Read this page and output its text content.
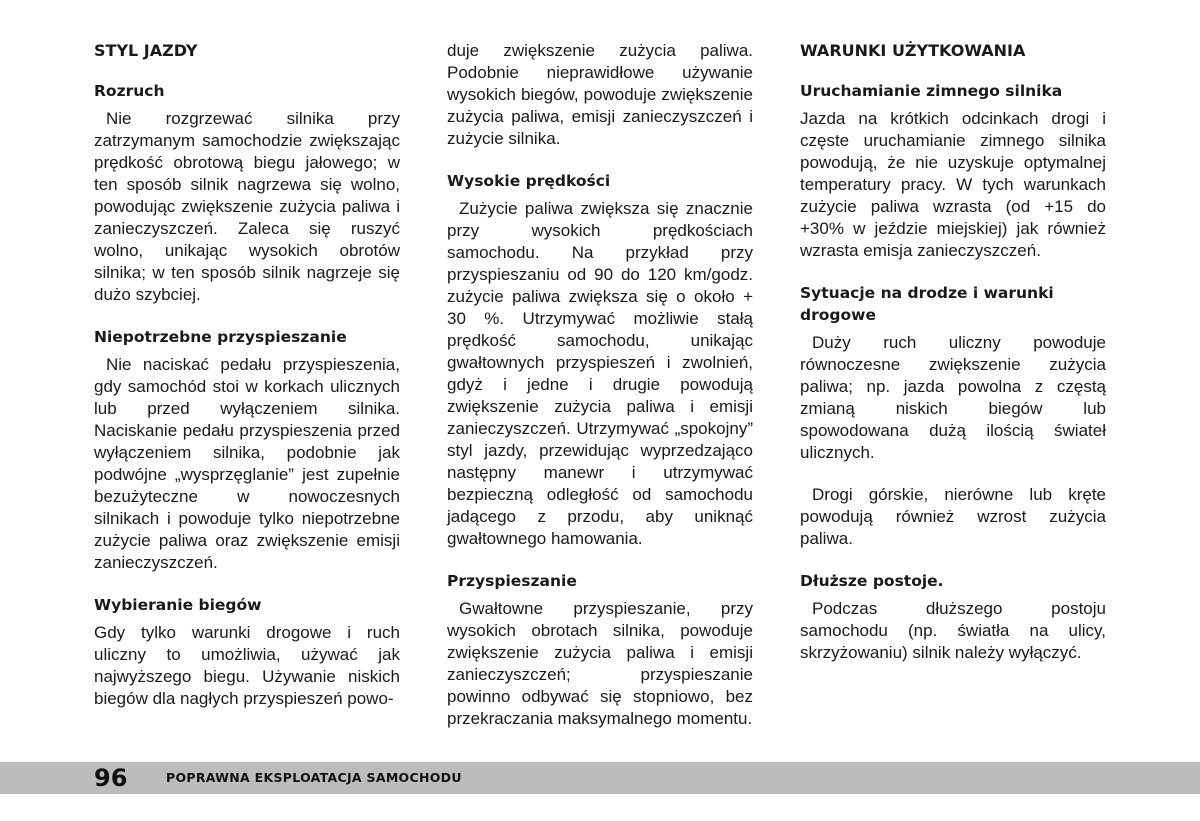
STYL JAZDY
Rozruch
Nie rozgrzewać silnika przy zatrzymanym samochodzie zwiększając prędkość obrotową biegu jałowego; w ten sposób silnik nagrzewa się wolno, powodując zwiększenie zużycia paliwa i zanieczyszczeń. Zaleca się ruszyć wolno, unikając wysokich obrotów silnika; w ten sposób silnik nagrzeje się dużo szybciej.
Niepotrzebne przyspieszanie
Nie naciskać pedału przyspieszenia, gdy samochód stoi w korkach ulicznych lub przed wyłączeniem silnika. Naciskanie pedału przyspieszenia przed wyłączeniem silnika, podobnie jak podwójne „wysprzęglanie” jest zupełnie bezużyteczne w nowoczesnych silnikach i powoduje tylko niepotrzebne zużycie paliwa oraz zwiększenie emisji zanieczyszczeń.
Wybieranie biegów
Gdy tylko warunki drogowe i ruch uliczny to umożliwia, używać jak najwyższego biegu. Używanie niskich biegów dla nagłych przyspieszeń powo-
duje zwiększenie zużycia paliwa. Podobnie nieprawidłowe używanie wysokich biegów, powoduje zwiększenie zużycia paliwa, emisji zanieczyszczeń i zużycie silnika.
Wysokie prędkości
Zużycie paliwa zwiększa się znacznie przy wysokich prędkościach samochodu. Na przykład przy przyspieszaniu od 90 do 120 km/godz. zużycie paliwa zwiększa się o około + 30 %. Utrzymywać możliwie stałą prędkość samochodu, unikając gwałtownych przyspieszeń i zwolnień, gdyż i jedne i drugie powodują zwiększenie zużycia paliwa i emisji zanieczyszczeń. Utrzymywać „spokojny” styl jazdy, przewidując wyprzedzająco następny manewr i utrzymywać bezpieczną odległość od samochodu jadącego z przodu, aby uniknąć gwałtownego hamowania.
Przyspieszanie
Gwałtowne przyspieszanie, przy wysokich obrotach silnika, powoduje zwiększenie zużycia paliwa i emisji zanieczyszczeń; przyspieszanie powinno odbywać się stopniowo, bez przekraczania maksymalnego momentu.
WARUNKI UŻYTKOWANIA
Uruchamianie zimnego silnika
Jazda na krótkich odcinkach drogi i częste uruchamianie zimnego silnika powodują, że nie uzyskuje optymalnej temperatury pracy. W tych warunkach zużycie paliwa wzrasta (od +15 do +30% w jeździe miejskiej) jak również wzrasta emisja zanieczyszczeń.
Sytuacje na drodze i warunki drogowe
Duży ruch uliczny powoduje równoczesne zwiększenie zużycia paliwa; np. jazda powolna z częstą zmianą niskich biegów lub spowodowana dużą ilością świateł ulicznych.
Drogi górskie, nierówne lub kręte powodują również wzrost zużycia paliwa.
Dłuższe postoje.
Podczas dłuższego postoju samochodu (np. światła na ulicy, skrzyżowaniu) silnik należy wyłączyć.
96	POPRAWNA EKSPLOATACJA SAMOCHODU
